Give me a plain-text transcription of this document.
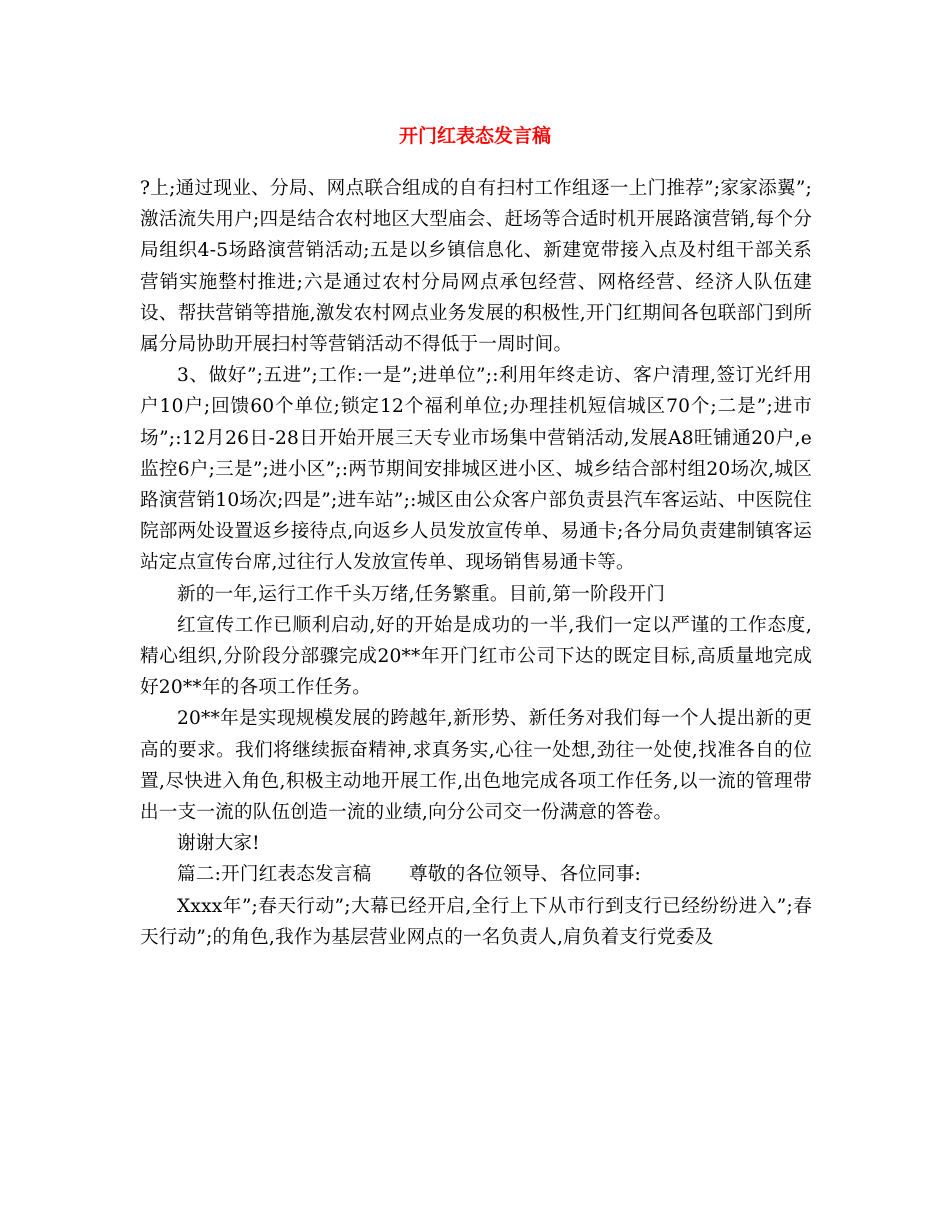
开门红表态发言稿

?上;通过现业、分局、网点联合组成的自有扫村工作组逐一上门推荐”;家家添翼”;激活流失用户;四是结合农村地区大型庙会、赶场等合适时机开展路演营销,每个分局组织4-5场路演营销活动;五是以乡镇信息化、新建宽带接入点及村组干部关系营销实施整村推进;六是通过农村分局网点承包经营、网格经营、经济人队伍建设、帮扶营销等措施,激发农村网点业务发展的积极性,开门红期间各包联部门到所属分局协助开展扫村等营销活动不得低于一周时间。

3、做好”;五进”;工作:一是”;进单位”;:利用年终走访、客户清理,签订光纤用户10户;回馈60个单位;锁定12个福利单位;办理挂机短信城区70个;二是”;进市场”;:12月26日-28日开始开展三天专业市场集中营销活动,发展A8旺铺通20户,e监控6户;三是”;进小区”;:两节期间安排城区进小区、城乡结合部村组20场次,城区路演营销10场次;四是”;进车站”;:城区由公众客户部负责县汽车客运站、中医院住院部两处设置返乡接待点,向返乡人员发放宣传单、易通卡;各分局负责建制镇客运站定点宣传台席,过往行人发放宣传单、现场销售易通卡等。

新的一年,运行工作千头万绪,任务繁重。目前,第一阶段开门

红宣传工作已顺利启动,好的开始是成功的一半,我们一定以严谨的工作态度,精心组织,分阶段分部骤完成20**年开门红市公司下达的既定目标,高质量地完成好20**年的各项工作任务。

20**年是实现规模发展的跨越年,新形势、新任务对我们每一个人提出新的更高的要求。我们将继续振奋精神,求真务实,心往一处想,劲往一处使,找准各自的位置,尽快进入角色,积极主动地开展工作,出色地完成各项工作任务,以一流的管理带出一支一流的队伍创造一流的业绩,向分公司交一份满意的答卷。

谢谢大家!

篇二:开门红表态发言稿　　尊敬的各位领导、各位同事:

Xxxx年”;春天行动”;大幕已经开启,全行上下从市行到支行已经纷纷进入”;春天行动”;的角色,我作为基层营业网点的一名负责人,肩负着支行党委及
